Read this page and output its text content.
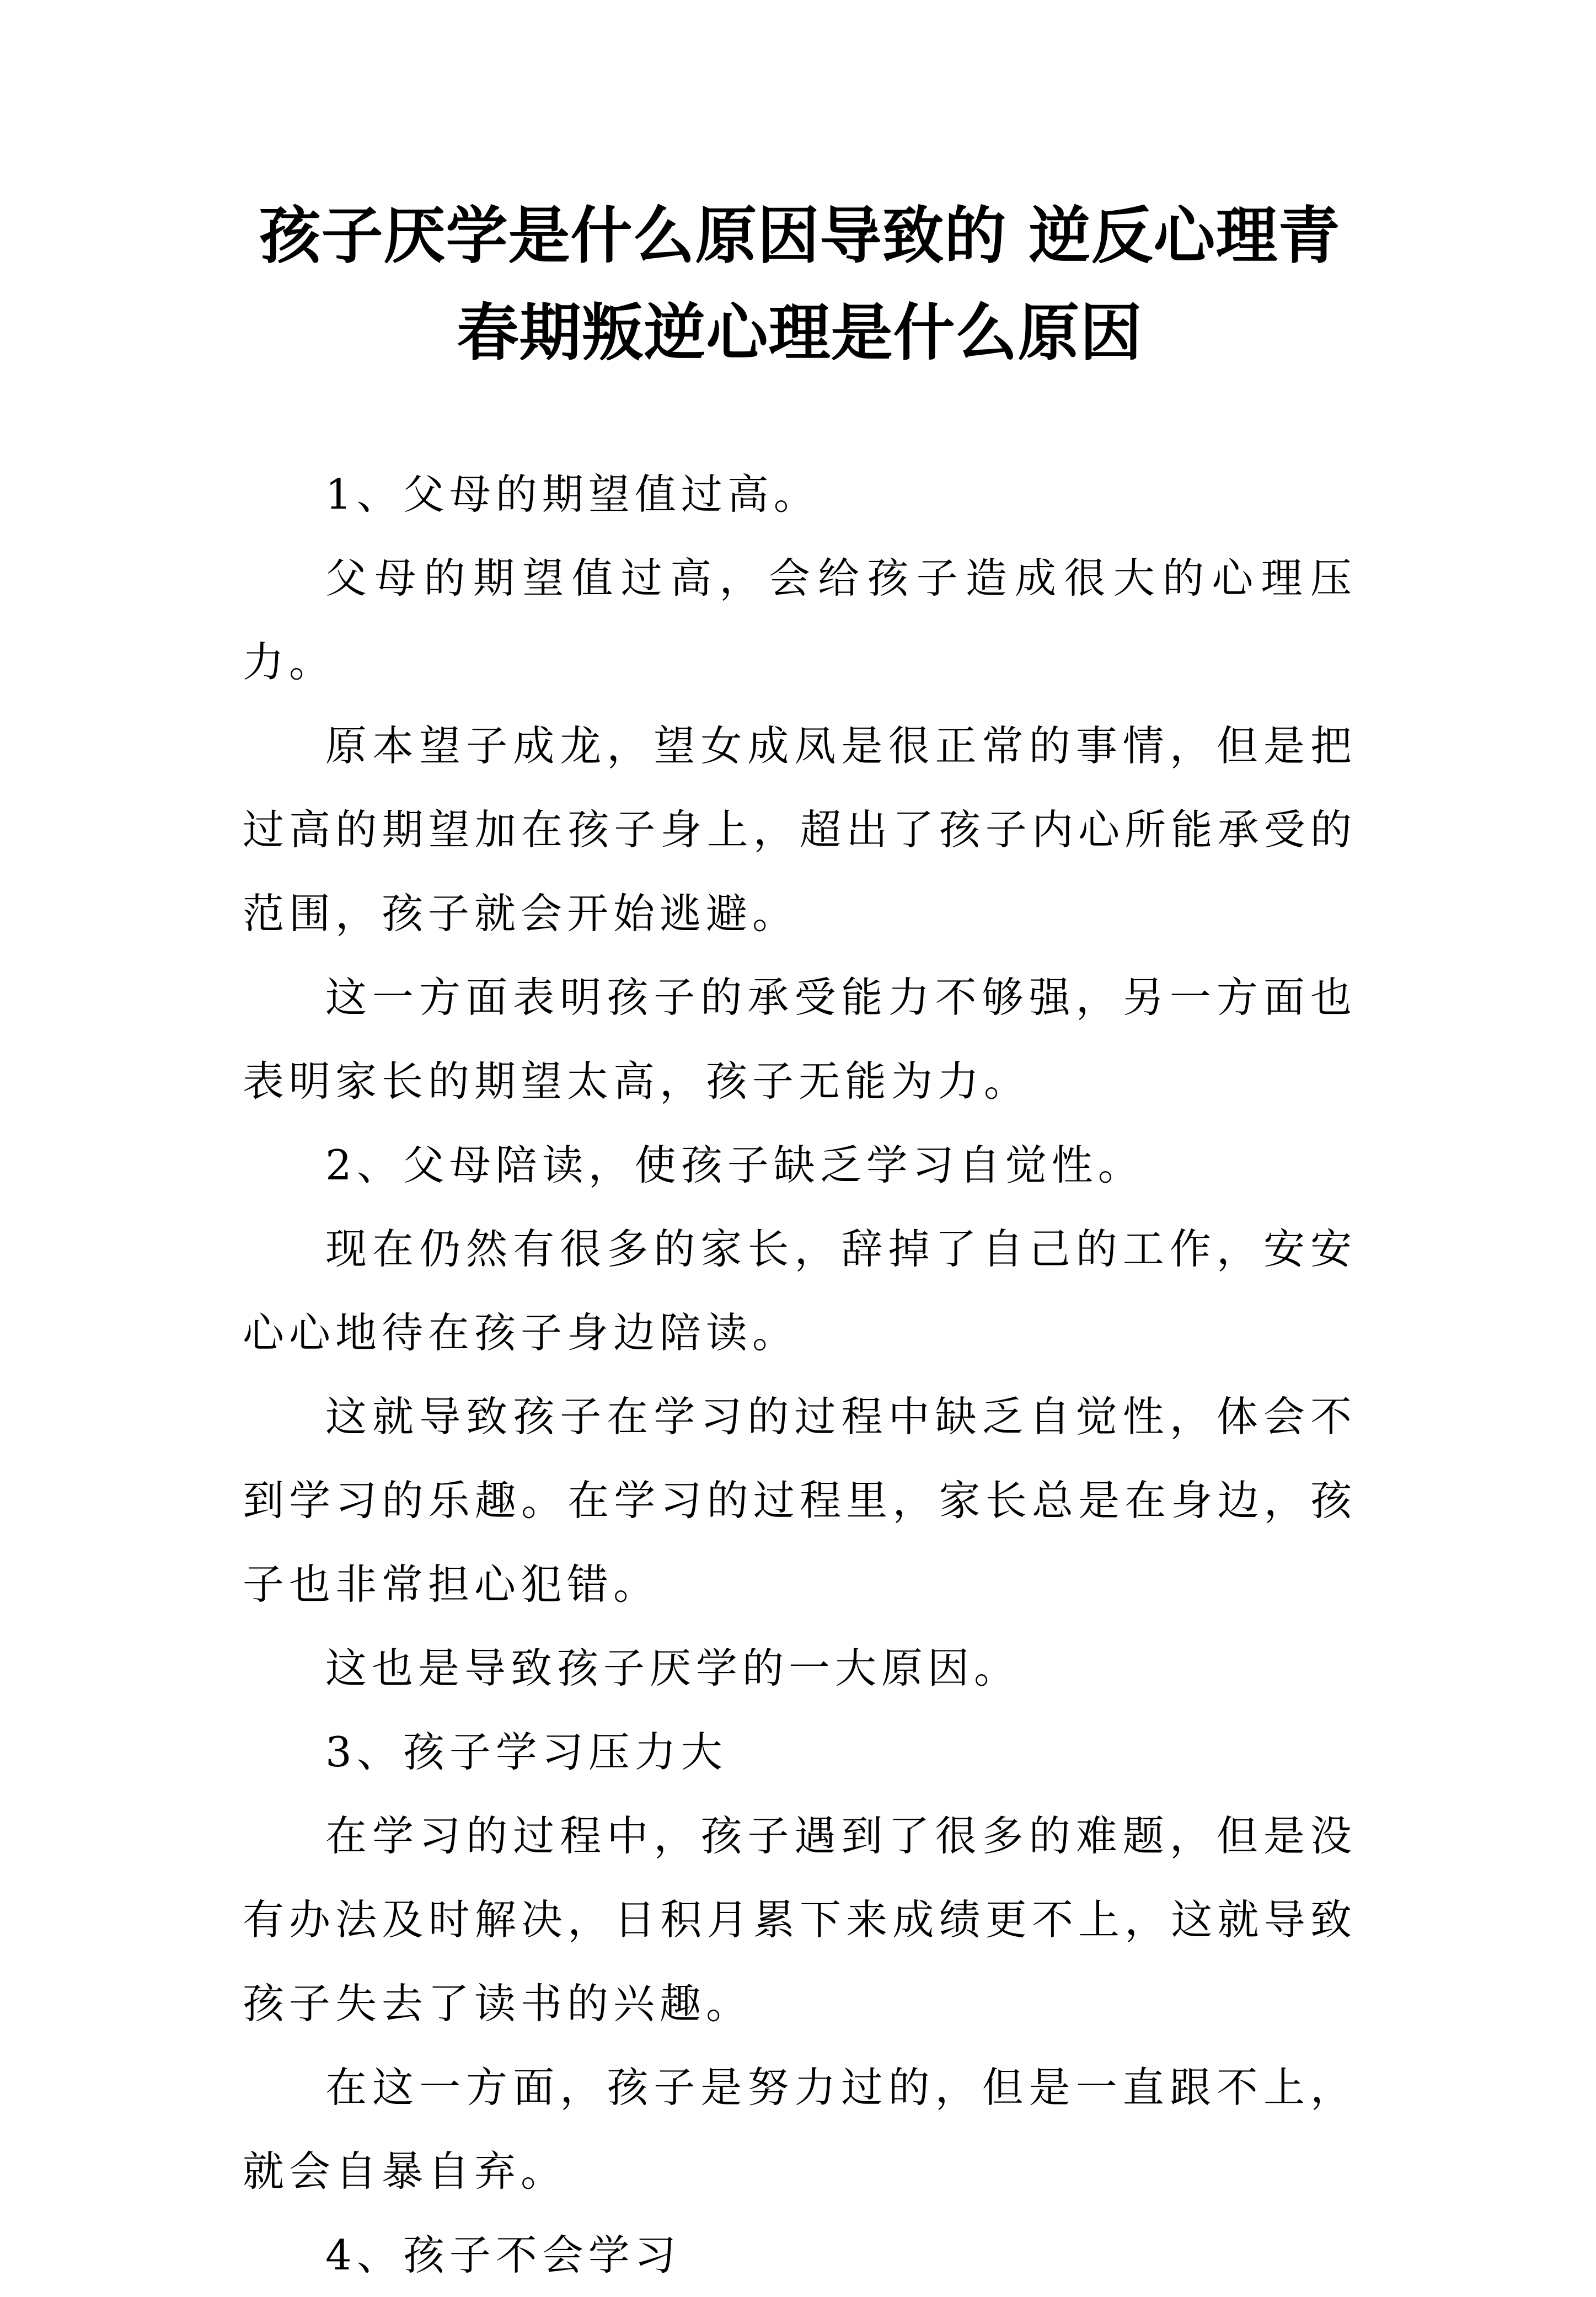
孩子厌学是什么原因导致的 逆反心理青春期叛逆心理是什么原因

1、父母的期望值过高。

父母的期望值过高，会给孩子造成很大的心理压力。

原本望子成龙，望女成凤是很正常的事情，但是把过高的期望加在孩子身上，超出了孩子内心所能承受的范围，孩子就会开始逃避。

这一方面表明孩子的承受能力不够强，另一方面也表明家长的期望太高，孩子无能为力。

2、父母陪读，使孩子缺乏学习自觉性。

现在仍然有很多的家长，辞掉了自己的工作，安安心心地待在孩子身边陪读。

这就导致孩子在学习的过程中缺乏自觉性，体会不到学习的乐趣。在学习的过程里，家长总是在身边，孩子也非常担心犯错。

这也是导致孩子厌学的一大原因。

3、孩子学习压力大

在学习的过程中，孩子遇到了很多的难题，但是没有办法及时解决，日积月累下来成绩更不上，这就导致孩子失去了读书的兴趣。

在这一方面，孩子是努力过的，但是一直跟不上，就会自暴自弃。

4、孩子不会学习
